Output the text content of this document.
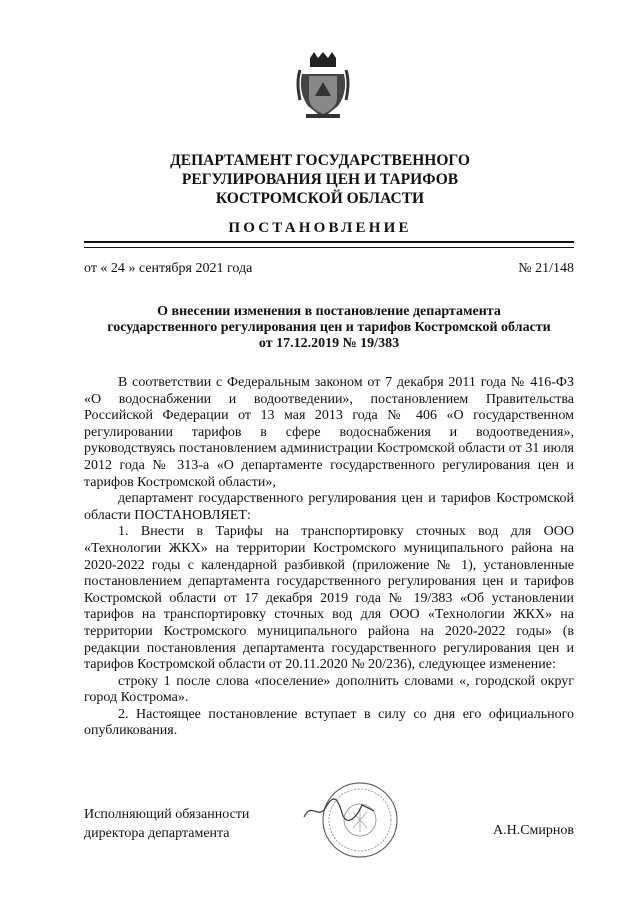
ДЕПАРТАМЕНТ ГОСУДАРСТВЕННОГО
РЕГУЛИРОВАНИЯ ЦЕН И ТАРИФОВ
КОСТРОМСКОЙ ОБЛАСТИ
ПОСТАНОВЛЕНИЕ
от « 24 » сентября 2021 года	№ 21/148
О внесении изменения в постановление департамента
государственного регулирования цен и тарифов Костромской области
от 17.12.2019 № 19/383

В соответствии с Федеральным законом от 7 декабря 2011 года № 416-ФЗ «О водоснабжении и водоотведении», постановлением Правительства Российской Федерации от 13 мая 2013 года № 406 «О государственном регулировании тарифов в сфере водоснабжения и водоотведения», руководствуясь постановлением администрации Костромской области от 31 июля 2012 года № 313-а «О департаменте государственного регулирования цен и тарифов Костромской области»,

департамент государственного регулирования цен и тарифов Костромской области ПОСТАНОВЛЯЕТ:

1. Внести в Тарифы на транспортировку сточных вод для ООО «Технологии ЖКХ» на территории Костромского муниципального района на 2020-2022 годы с календарной разбивкой (приложение № 1), установленные постановлением департамента государственного регулирования цен и тарифов Костромской области от 17 декабря 2019 года № 19/383 «Об установлении тарифов на транспортировку сточных вод для ООО «Технологии ЖКХ» на территории Костромского муниципального района на 2020-2022 годы» (в редакции постановления департамента государственного регулирования цен и тарифов Костромской области от 20.11.2020 № 20/236), следующее изменение:

строку 1 после слова «поселение» дополнить словами «, городской округ город Кострома».

2. Настоящее постановление вступает в силу со дня его официального опубликования.

Исполняющий обязанности
директора департамента	А.Н.Смирнов
